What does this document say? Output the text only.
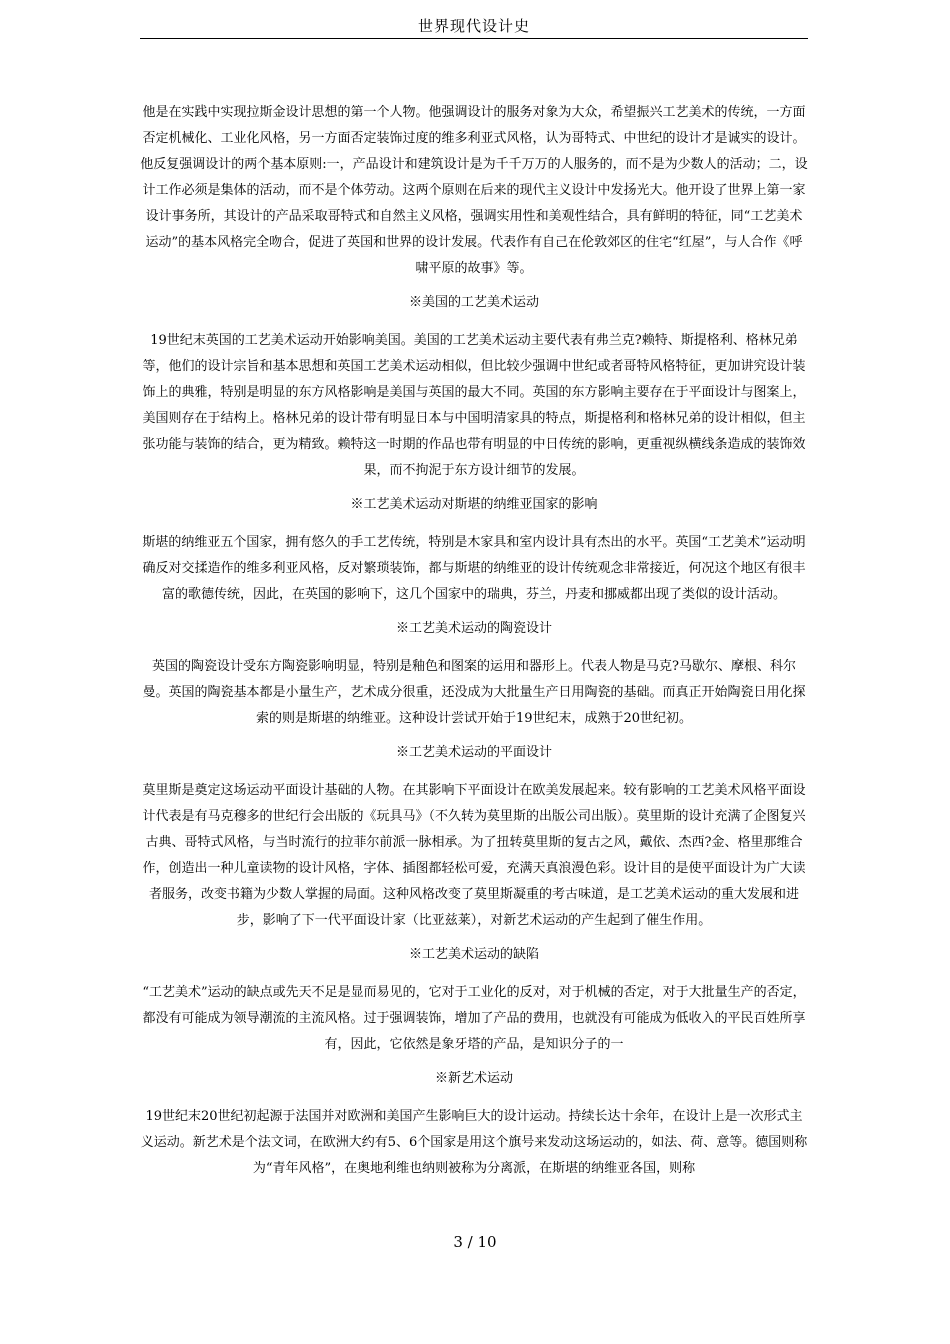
世界现代设计史

他是在实践中实现拉斯金设计思想的第一个人物。他强调设计的服务对象为大众，希望振兴工艺美术的传统，一方面否定机械化、工业化风格，另一方面否定装饰过度的维多利亚式风格，认为哥特式、中世纪的设计才是诚实的设计。他反复强调设计的两个基本原则:一，产品设计和建筑设计是为千千万万的人服务的，而不是为少数人的活动；二，设计工作必须是集体的活动，而不是个体劳动。这两个原则在后来的现代主义设计中发扬光大。他开设了世界上第一家设计事务所，其设计的产品采取哥特式和自然主义风格，强调实用性和美观性结合，具有鲜明的特征，同“工艺美术运动”的基本风格完全吻合，促进了英国和世界的设计发展。代表作有自己在伦敦郊区的住宅“红屋”，与人合作《呼啸平原的故事》等。

※美国的工艺美术运动

19世纪末英国的工艺美术运动开始影响美国。美国的工艺美术运动主要代表有弗兰克?赖特、斯提格利、格林兄弟等，他们的设计宗旨和基本思想和英国工艺美术运动相似，但比较少强调中世纪或者哥特风格特征，更加讲究设计装饰上的典雅，特别是明显的东方风格影响是美国与英国的最大不同。英国的东方影响主要存在于平面设计与图案上，美国则存在于结构上。格林兄弟的设计带有明显日本与中国明清家具的特点，斯提格利和格林兄弟的设计相似，但主张功能与装饰的结合，更为精致。赖特这一时期的作品也带有明显的中日传统的影响，更重视纵横线条造成的装饰效果，而不拘泥于东方设计细节的发展。

※工艺美术运动对斯堪的纳维亚国家的影响

斯堪的纳维亚五个国家，拥有悠久的手工艺传统，特别是木家具和室内设计具有杰出的水平。英国“工艺美术”运动明确反对交揉造作的维多利亚风格，反对繁琐装饰，都与斯堪的纳维亚的设计传统观念非常接近，何况这个地区有很丰富的歌德传统，因此，在英国的影响下，这几个国家中的瑞典，芬兰，丹麦和挪威都出现了类似的设计活动。

※工艺美术运动的陶瓷设计

英国的陶瓷设计受东方陶瓷影响明显，特别是釉色和图案的运用和器形上。代表人物是马克?马歇尔、摩根、科尔曼。英国的陶瓷基本都是小量生产，艺术成分很重，还没成为大批量生产日用陶瓷的基础。而真正开始陶瓷日用化探索的则是斯堪的纳维亚。这种设计尝试开始于19世纪末，成熟于20世纪初。

※工艺美术运动的平面设计

莫里斯是奠定这场运动平面设计基础的人物。在其影响下平面设计在欧美发展起来。较有影响的工艺美术风格平面设计代表是有马克穆多的世纪行会出版的《玩具马》（不久转为莫里斯的出版公司出版）。莫里斯的设计充满了企图复兴古典、哥特式风格，与当时流行的拉菲尔前派一脉相承。为了扭转莫里斯的复古之风，戴依、杰西?金、格里那维合作，创造出一种儿童读物的设计风格，字体、插图都轻松可爱，充满天真浪漫色彩。设计目的是使平面设计为广大读者服务，改变书籍为少数人掌握的局面。这种风格改变了莫里斯凝重的考古味道，是工艺美术运动的重大发展和进步，影响了下一代平面设计家（比亚兹莱），对新艺术运动的产生起到了催生作用。

※工艺美术运动的缺陷

“工艺美术”运动的缺点或先天不足是显而易见的，它对于工业化的反对，对于机械的否定，对于大批量生产的否定，都没有可能成为领导潮流的主流风格。过于强调装饰，增加了产品的费用，也就没有可能成为低收入的平民百姓所享有，因此，它依然是象牙塔的产品，是知识分子的一

※新艺术运动

19世纪末20世纪初起源于法国并对欧洲和美国产生影响巨大的设计运动。持续长达十余年，在设计上是一次形式主义运动。新艺术是个法文词，在欧洲大约有5、6个国家是用这个旗号来发动这场运动的，如法、荷、意等。德国则称为“青年风格”，在奥地利维也纳则被称为分离派，在斯堪的纳维亚各国，则称

3 / 10
